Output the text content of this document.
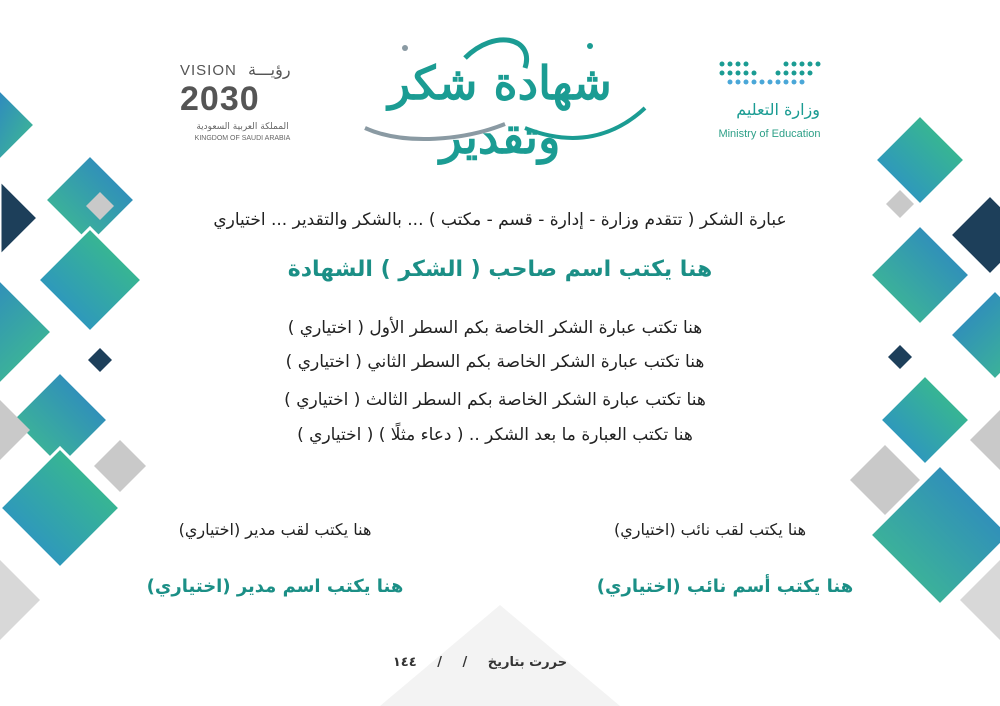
VISION رؤيـــة
2030
المملكة العربية السعودية
KINGDOM OF SAUDI ARABIA
شهادة شكر وتقدير
وزارة التعليم
Ministry of Education
عبارة الشكر ( تتقدم وزارة - إدارة - قسم - مكتب ) ... بالشكر والتقدير ... اختياري
هنا يكتب اسم صاحب ( الشكر ) الشهادة
هنا تكتب عبارة الشكر الخاصة بكم السطر الأول ( اختياري )
هنا تكتب عبارة الشكر الخاصة بكم السطر الثاني ( اختياري )
هنا تكتب عبارة الشكر الخاصة بكم السطر الثالث ( اختياري )
هنا تكتب العبارة ما بعد الشكر .. ( دعاء مثلًا ) ( اختياري )
هنا يكتب لقب نائب (اختياري)
هنا يكتب لقب مدير (اختياري)
هنا يكتب أسم نائب (اختياري)
هنا يكتب اسم مدير (اختياري)
حررت بتاريخ / / ١٤٤
